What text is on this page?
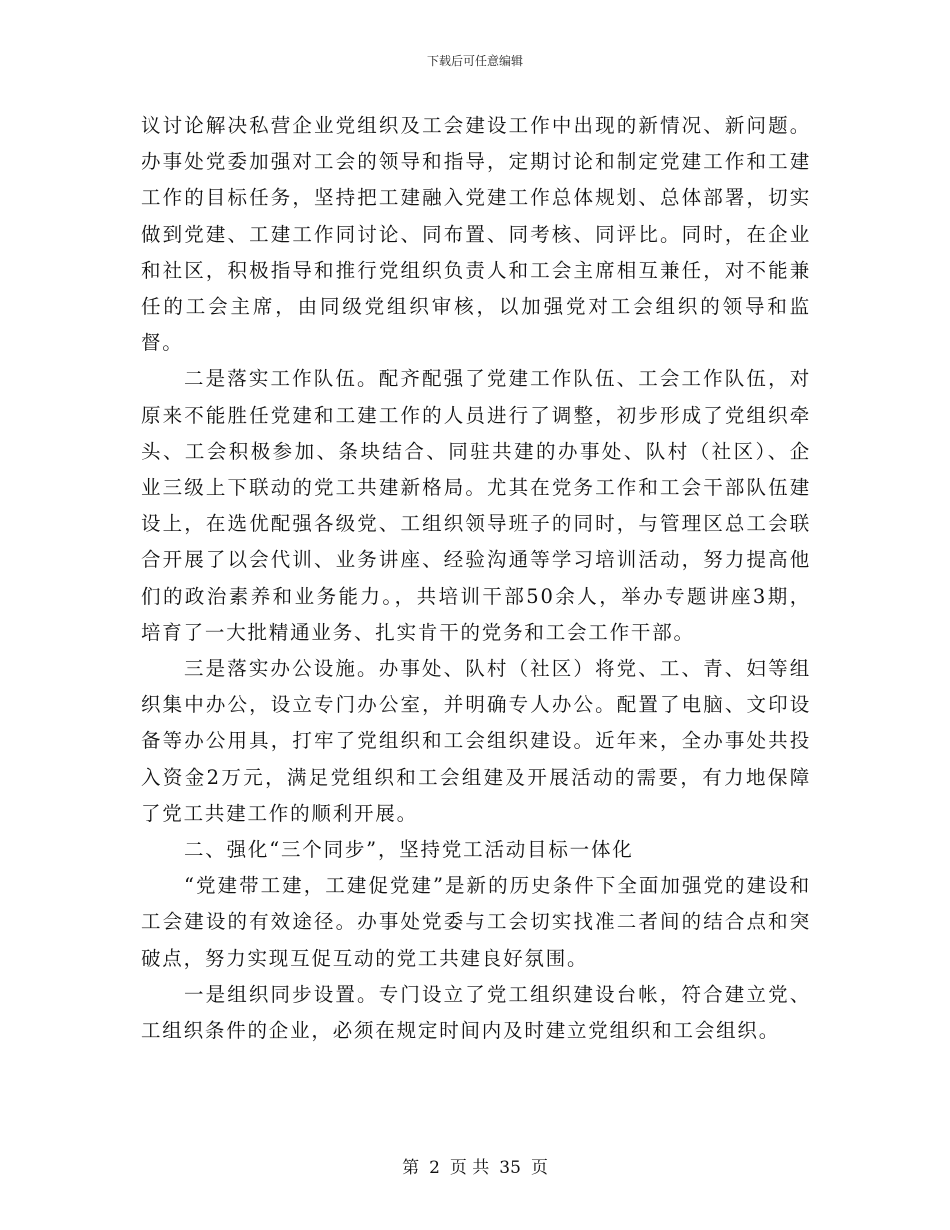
下载后可任意编辑

议讨论解决私营企业党组织及工会建设工作中出现的新情况、新问题。办事处党委加强对工会的领导和指导，定期讨论和制定党建工作和工建工作的目标任务，坚持把工建融入党建工作总体规划、总体部署，切实做到党建、工建工作同讨论、同布置、同考核、同评比。同时，在企业和社区，积极指导和推行党组织负责人和工会主席相互兼任，对不能兼任的工会主席，由同级党组织审核，以加强党对工会组织的领导和监督。

二是落实工作队伍。配齐配强了党建工作队伍、工会工作队伍，对原来不能胜任党建和工建工作的人员进行了调整，初步形成了党组织牵头、工会积极参加、条块结合、同驻共建的办事处、队村（社区）、企业三级上下联动的党工共建新格局。尤其在党务工作和工会干部队伍建设上，在选优配强各级党、工组织领导班子的同时，与管理区总工会联合开展了以会代训、业务讲座、经验沟通等学习培训活动，努力提高他们的政治素养和业务能力。，共培训干部50余人，举办专题讲座3期，培育了一大批精通业务、扎实肯干的党务和工会工作干部。

三是落实办公设施。办事处、队村（社区）将党、工、青、妇等组织集中办公，设立专门办公室，并明确专人办公。配置了电脑、文印设备等办公用具，打牢了党组织和工会组织建设。近年来，全办事处共投入资金2万元，满足党组织和工会组建及开展活动的需要，有力地保障了党工共建工作的顺利开展。

二、强化“三个同步”，坚持党工活动目标一体化

“党建带工建，工建促党建”是新的历史条件下全面加强党的建设和工会建设的有效途径。办事处党委与工会切实找准二者间的结合点和突破点，努力实现互促互动的党工共建良好氛围。

一是组织同步设置。专门设立了党工组织建设台帐，符合建立党、工组织条件的企业，必须在规定时间内及时建立党组织和工会组织。

第 2 页 共 35 页
